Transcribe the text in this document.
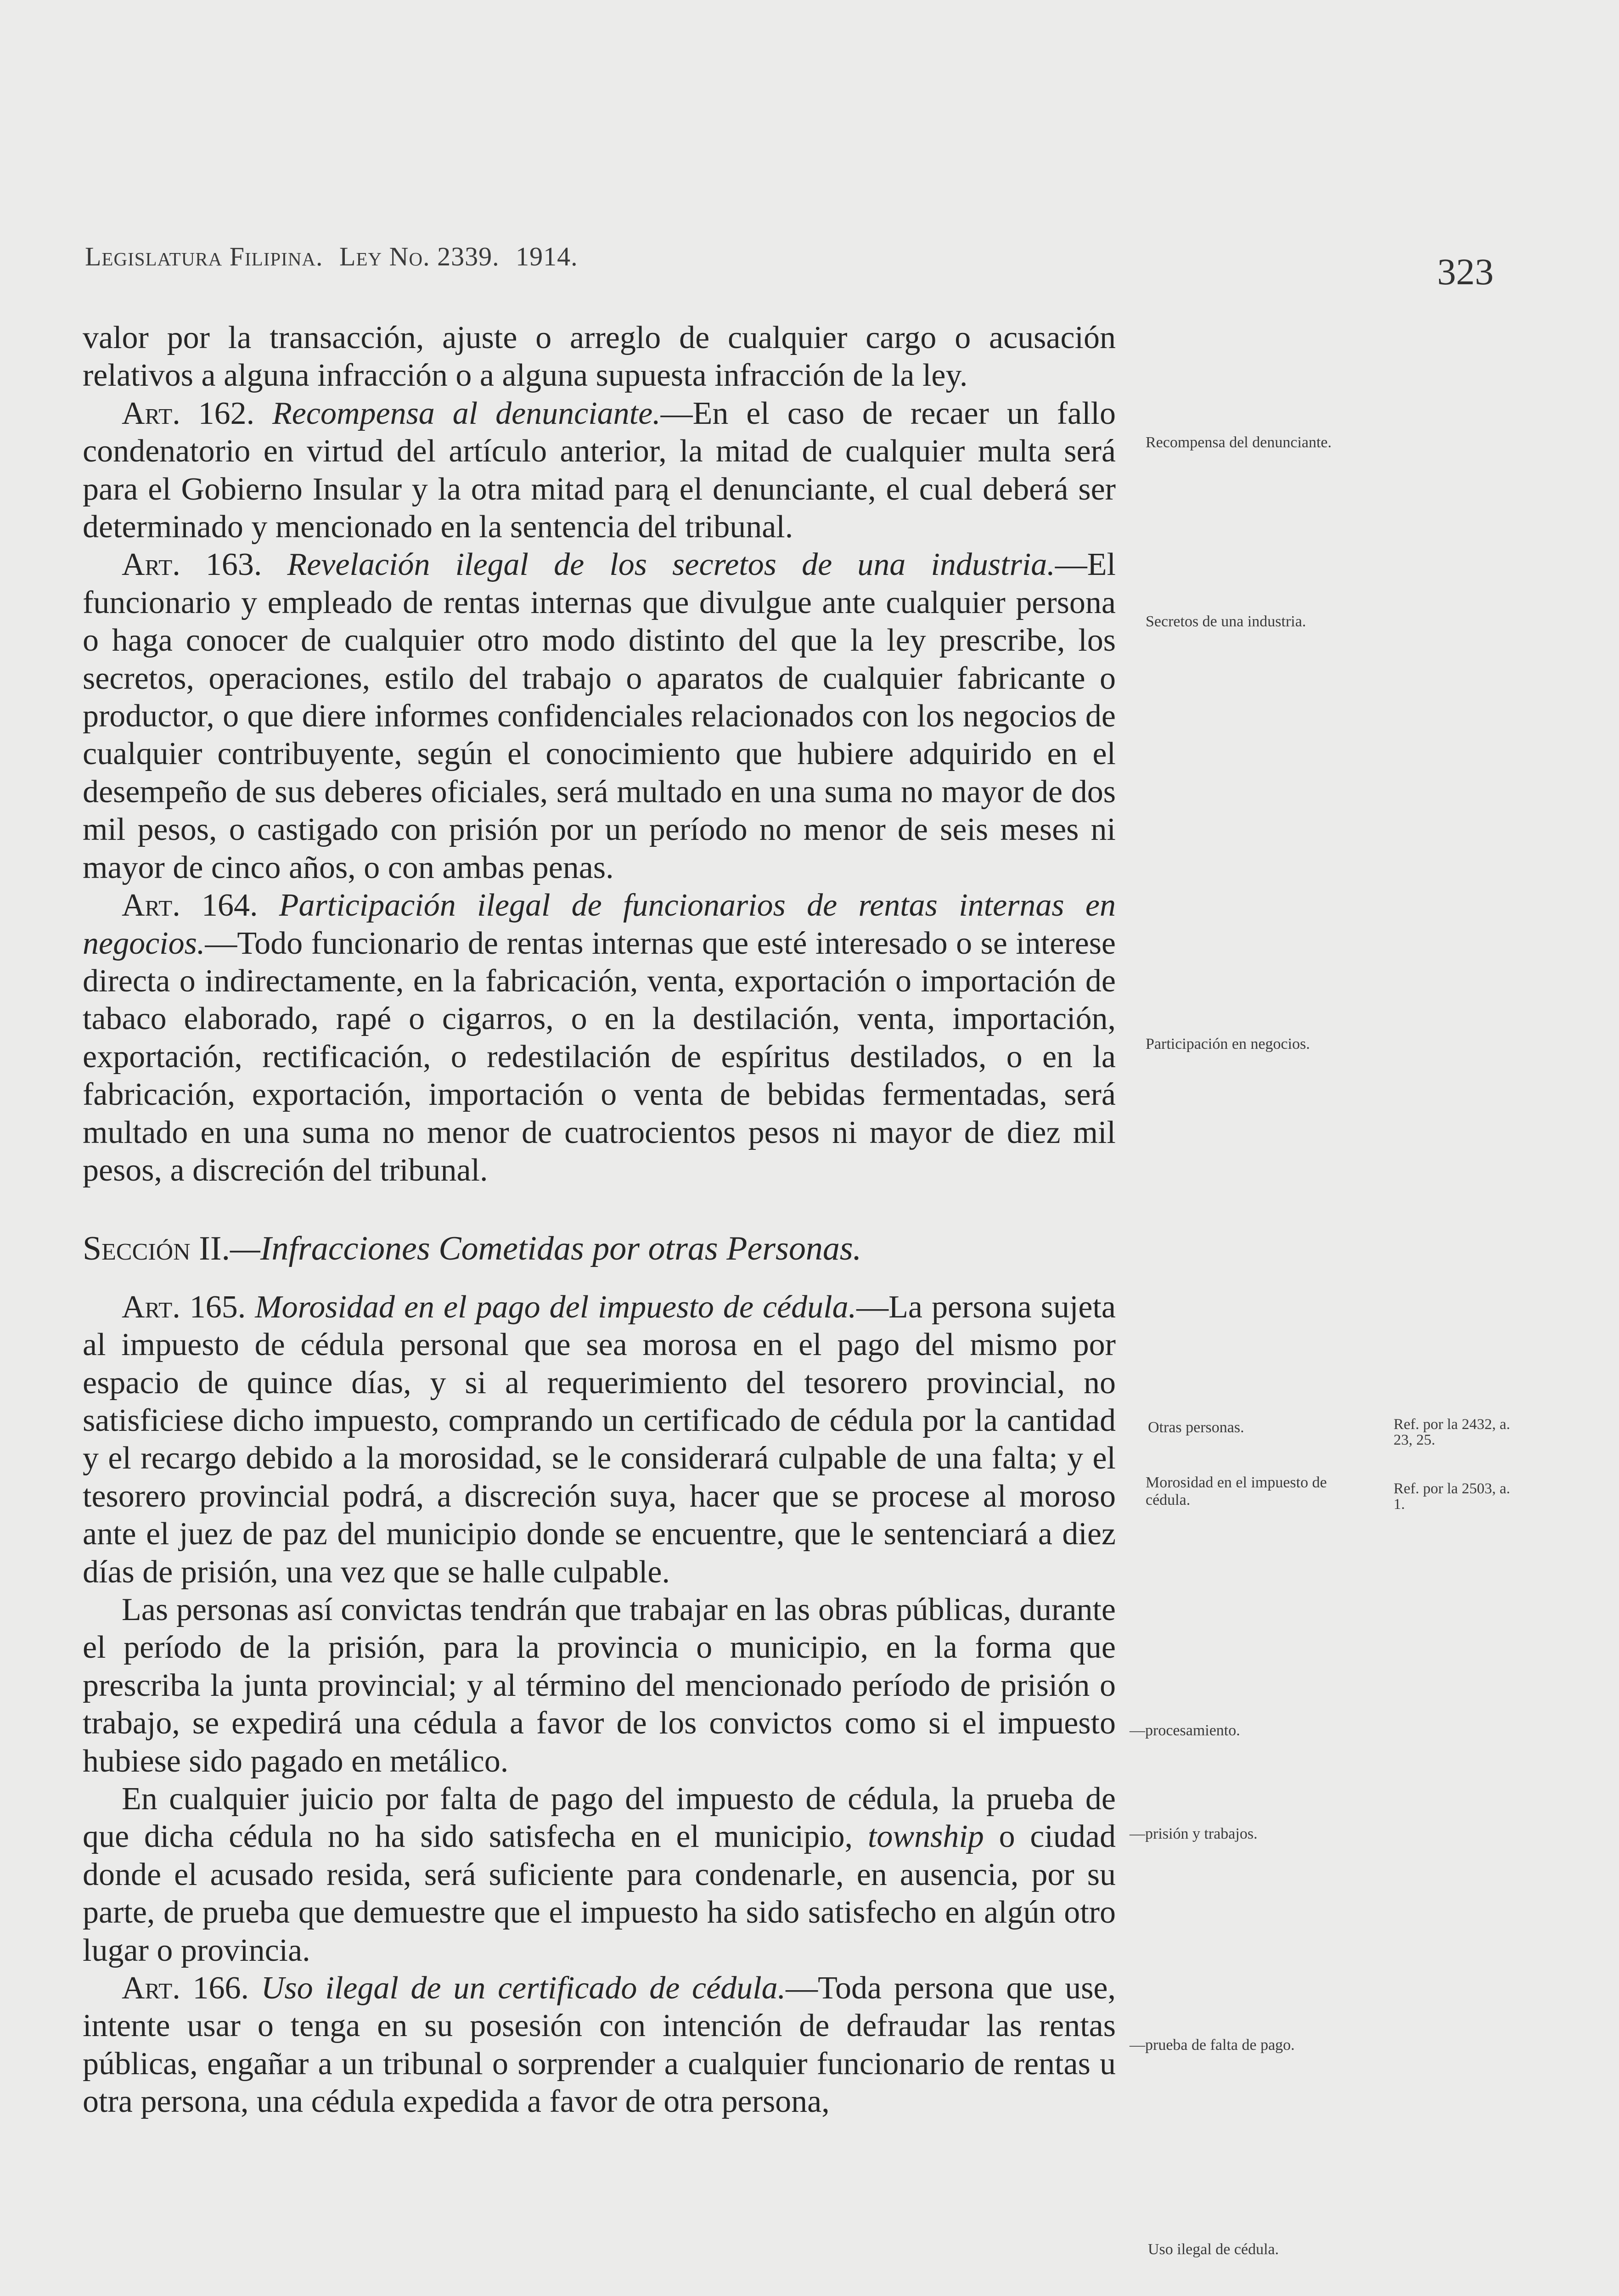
Legislatura Filipina. Ley No. 2339. 1914.	323

valor por la transacción, ajuste o arreglo de cualquier cargo o acusación relativos a alguna infracción o a alguna supuesta infracción de la ley.

Art. 162. Recompensa al denunciante.—En el caso de recaer un fallo condenatorio en virtud del artículo anterior, la mitad de cualquier multa será para el Gobierno Insular y la otra mitad parą el denunciante, el cual deberá ser determinado y mencionado en la sentencia del tribunal.

Art. 163. Revelación ilegal de los secretos de una industria.—El funcionario y empleado de rentas internas que divulgue ante cualquier persona o haga conocer de cualquier otro modo distinto del que la ley prescribe, los secretos, operaciones, estilo del trabajo o aparatos de cualquier fabricante o productor, o que diere informes confidenciales relacionados con los negocios de cualquier contribuyente, según el conocimiento que hubiere adquirido en el desempeño de sus deberes oficiales, será multado en una suma no mayor de dos mil pesos, o castigado con prisión por un período no menor de seis meses ni mayor de cinco años, o con ambas penas.

Art. 164. Participación ilegal de funcionarios de rentas internas en negocios.—Todo funcionario de rentas internas que esté interesado o se interese directa o indirectamente, en la fabricación, venta, exportación o importación de tabaco elaborado, rapé o cigarros, o en la destilación, venta, importación, exportación, rectificación, o redestilación de espíritus destilados, o en la fabricación, exportación, importación o venta de bebidas fermentadas, será multado en una suma no menor de cuatrocientos pesos ni mayor de diez mil pesos, a discreción del tribunal.

Sección II.—Infracciones Cometidas por otras Personas.

Art. 165. Morosidad en el pago del impuesto de cédula.—La persona sujeta al impuesto de cédula personal que sea morosa en el pago del mismo por espacio de quince días, y si al requerimiento del tesorero provincial, no satisficiese dicho impuesto, comprando un certificado de cédula por la cantidad y el recargo debido a la morosidad, se le considerará culpable de una falta; y el tesorero provincial podrá, a discreción suya, hacer que se procese al moroso ante el juez de paz del municipio donde se encuentre, que le sentenciará a diez días de prisión, una vez que se halle culpable.

Las personas así convictas tendrán que trabajar en las obras públicas, durante el período de la prisión, para la provincia o municipio, en la forma que prescriba la junta provincial; y al término del mencionado período de prisión o trabajo, se expedirá una cédula a favor de los convictos como si el impuesto hubiese sido pagado en metálico.

En cualquier juicio por falta de pago del impuesto de cédula, la prueba de que dicha cédula no ha sido satisfecha en el municipio, township o ciudad donde el acusado resida, será suficiente para condenarle, en ausencia, por su parte, de prueba que demuestre que el impuesto ha sido satisfecho en algún otro lugar o provincia.

Art. 166. Uso ilegal de un certificado de cédula.—Toda persona que use, intente usar o tenga en su posesión con intención de defraudar las rentas públicas, engañar a un tribunal o sorprender a cualquier funcionario de rentas u otra persona, una cédula expedida a favor de otra persona,

Recompensa del denunciante.
Secretos de una industria.
Participación en negocios.
Otras personas.
Morosidad en el impuesto de cédula.
—procesamiento.
—prisión y trabajos.
—prueba de falta de pago.
Uso ilegal de cédula.
Ref. por la 2432, a. 23, 25.
Ref. por la 2503, a. 1.
